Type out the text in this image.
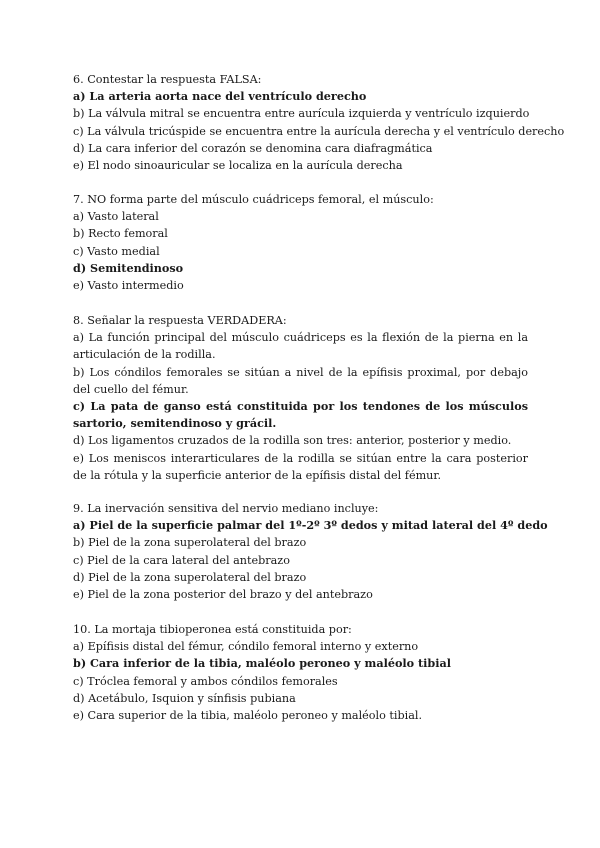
6. Contestar la respuesta FALSA:
a) La arteria aorta nace del ventrículo derecho
b) La válvula mitral se encuentra entre aurícula izquierda y ventrículo izquierdo
c) La válvula tricúspide se encuentra entre la aurícula derecha y el ventrículo derecho
d) La cara inferior del corazón se denomina cara diafragmática
e) El nodo sinoauricular se localiza en la aurícula derecha
7. NO forma parte del músculo cuádriceps femoral, el músculo:
a) Vasto lateral
b) Recto femoral
c) Vasto medial
d) Semitendinoso
e) Vasto intermedio
8. Señalar la respuesta VERDADERA:
a) La función principal del músculo cuádriceps es la flexión de la pierna en la articulación de la rodilla.
b) Los cóndilos femorales se sitúan a nivel de la epífisis proximal, por debajo del cuello del fémur.
c) La pata de ganso está constituida por los tendones de los músculos sartorio, semitendinoso y grácil.
d) Los ligamentos cruzados de la rodilla son tres: anterior, posterior y medio.
e) Los meniscos interarticulares de la rodilla se sitúan entre la cara posterior de la rótula y la superficie anterior de la epífisis distal del fémur.
9. La inervación sensitiva del nervio mediano incluye:
a) Piel de la superficie palmar del 1º-2º 3º dedos y mitad lateral del 4º dedo
b) Piel de la zona superolateral del brazo
c) Piel de la cara lateral del antebrazo
d) Piel de la zona superolateral del brazo
e) Piel de la zona posterior del brazo y del antebrazo
10. La mortaja tibioperonea está constituida por:
a) Epífisis distal del fémur, cóndilo femoral interno y externo
b) Cara inferior de la tibia, maléolo peroneo y maléolo tibial
c) Tróclea femoral y ambos cóndilos femorales
d) Acetábulo, Isquion y sínfisis pubiana
e) Cara superior de la tibia, maléolo peroneo y maléolo tibial.
